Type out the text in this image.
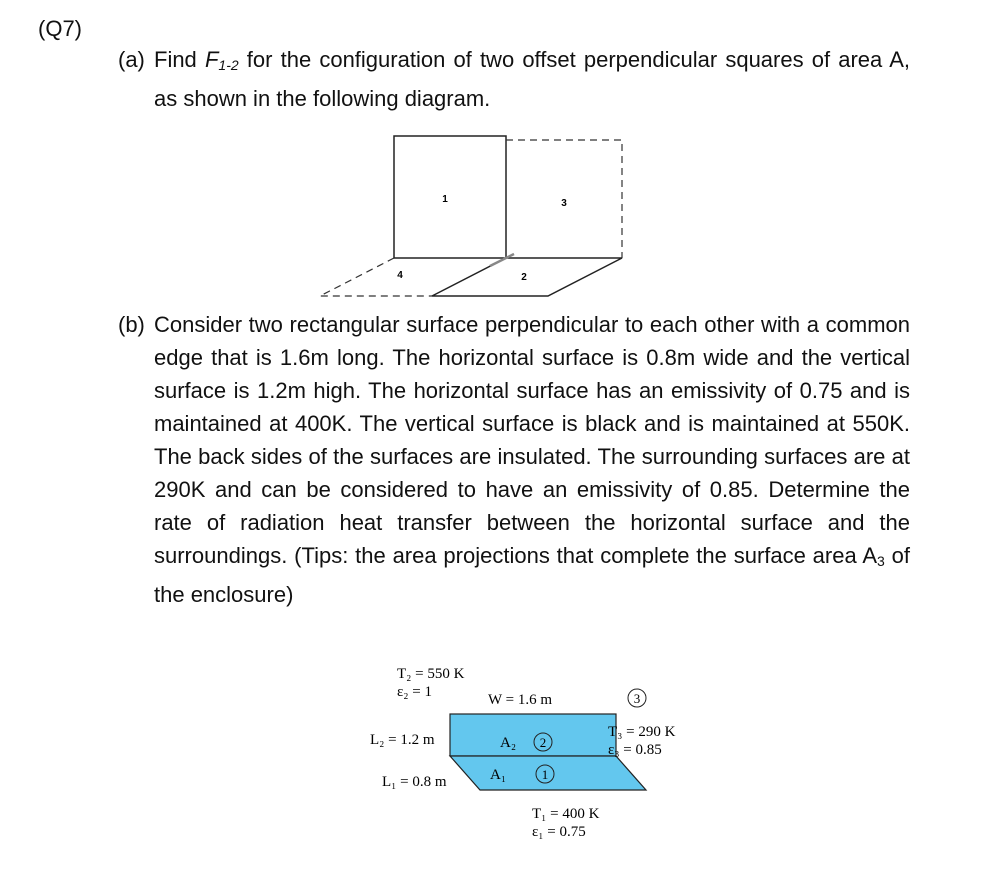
(Q7)
(a) Find $F_{1-2}$ for the configuration of two offset perpendicular squares of area A, as shown in the following diagram.
1	3
4	2
(b) Consider two rectangular surface perpendicular to each other with a common edge that is 1.6m long. The horizontal surface is 0.8m wide and the vertical surface is 1.2m high. The horizontal surface has an emissivity of 0.75 and is maintained at 400K. The vertical surface is black and is maintained at 550K. The back sides of the surfaces are insulated. The surrounding surfaces are at 290K and can be considered to have an emissivity of 0.85. Determine the rate of radiation heat transfer between the horizontal surface and the surroundings. (Tips: the area projections that complete the surface area $A_3$ of the enclosure)
T₂ = 550 K
ε₂ = 1	W = 1.6 m	3
L₂ = 1.2 m	A₂ 2
T₃ = 290 K
ε₃ = 0.85
L₁ = 0.8 m	A₁	1
T₁ = 400 K
ε₁ = 0.75
